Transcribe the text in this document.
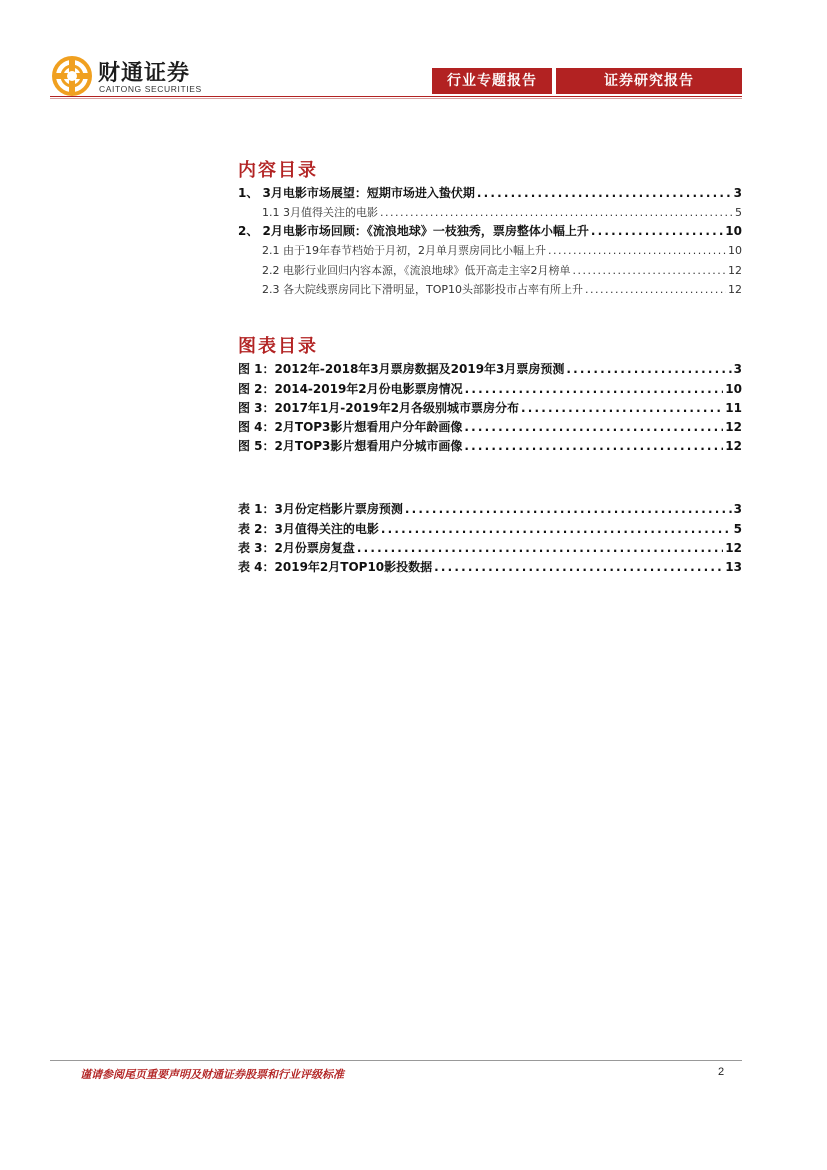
财通证券
CAITONG SECURITIES	行业专题报告	证券研究报告
内容目录
1、 3月电影市场展望：短期市场进入蛰伏期 . . .	3
1.1 3月值得关注的电影 . . .	5
2、 2月电影市场回顾：《流浪地球》一枝独秀，票房整体小幅上升 . . .	10
2.1 由于19年春节档始于月初，2月单月票房同比小幅上升 . . .	10
2.2 电影行业回归内容本源，《流浪地球》低开高走主宰2月榜单 . . .	12
2.3 各大院线票房同比下滑明显，TOP10头部影投市占率有所上升 . . .	12
图表目录
图 1：2012年-2018年3月票房数据及2019年3月票房预测 . . .	3
图 2：2014-2019年2月份电影票房情况 . . .	10
图 3：2017年1月-2019年2月各级别城市票房分布 . . .	11
图 4：2月TOP3影片想看用户分年龄画像 . . .	12
图 5：2月TOP3影片想看用户分城市画像 . . .	12
表 1：3月份定档影片票房预测 . . .	3
表 2：3月值得关注的电影 . . .	5
表 3：2月份票房复盘 . . .	12
表 4：2019年2月TOP10影投数据 . . .	13
谨请参阅尾页重要声明及财通证券股票和行业评级标准	2
